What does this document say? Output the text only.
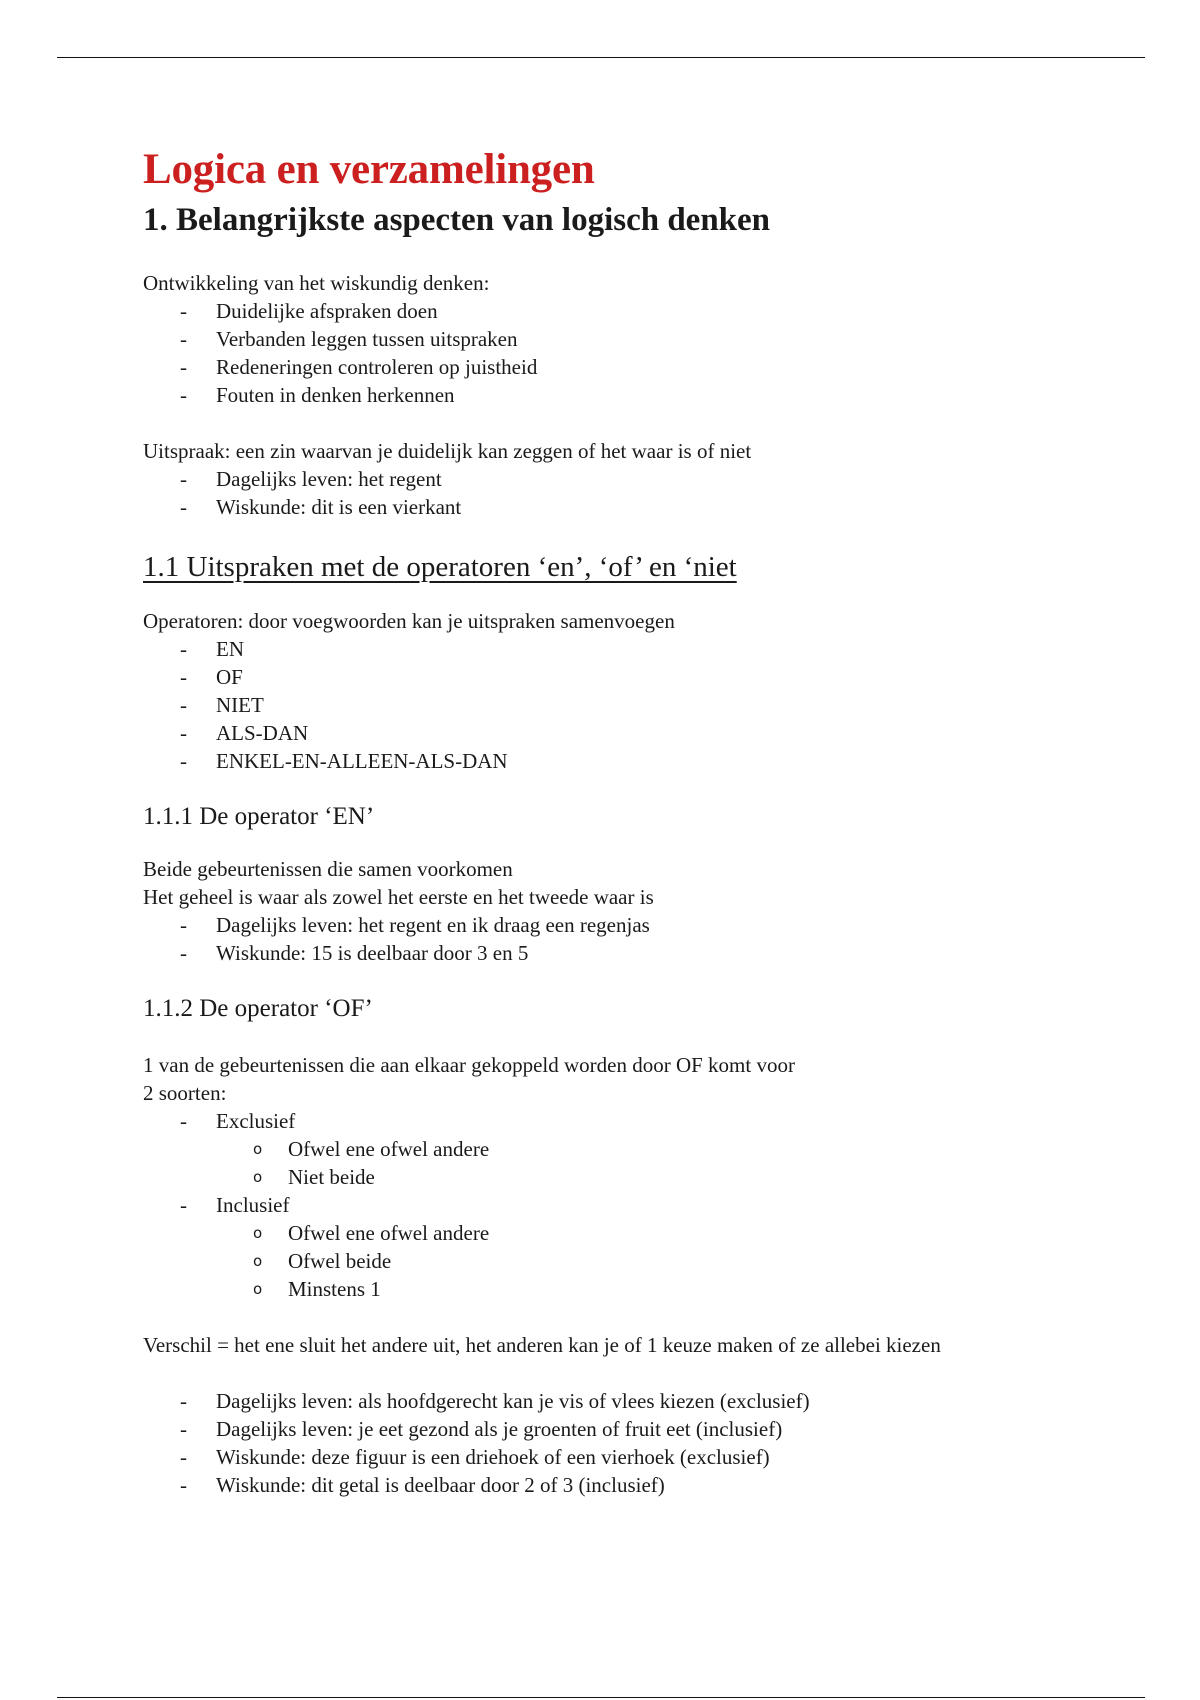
Logica en verzamelingen
1. Belangrijkste aspecten van logisch denken

Ontwikkeling van het wiskundig denken:

- Duidelijke afspraken doen
- Verbanden leggen tussen uitspraken
- Redeneringen controleren op juistheid
- Fouten in denken herkennen

Uitspraak: een zin waarvan je duidelijk kan zeggen of het waar is of niet

- Dagelijks leven: het regent
- Wiskunde: dit is een vierkant
1.1 Uitspraken met de operatoren ‘en’, ‘of’ en ‘niet

Operatoren: door voegwoorden kan je uitspraken samenvoegen

- EN
- OF
- NIET
- ALS-DAN
- ENKEL-EN-ALLEEN-ALS-DAN
1.1.1 De operator ‘EN’

Beide gebeurtenissen die samen voorkomen

Het geheel is waar als zowel het eerste en het tweede waar is

- Dagelijks leven: het regent en ik draag een regenjas
- Wiskunde: 15 is deelbaar door 3 en 5
1.1.2 De operator ‘OF’

1 van de gebeurtenissen die aan elkaar gekoppeld worden door OF komt voor

2 soorten:

- Exclusief
o Ofwel ene ofwel andere
o Niet beide
- Inclusief
o Ofwel ene ofwel andere
o Ofwel beide
o Minstens 1

Verschil = het ene sluit het andere uit, het anderen kan je of 1 keuze maken of ze allebei kiezen

- Dagelijks leven: als hoofdgerecht kan je vis of vlees kiezen (exclusief)
- Dagelijks leven: je eet gezond als je groenten of fruit eet (inclusief)
- Wiskunde: deze figuur is een driehoek of een vierhoek (exclusief)
- Wiskunde: dit getal is deelbaar door 2 of 3 (inclusief)
